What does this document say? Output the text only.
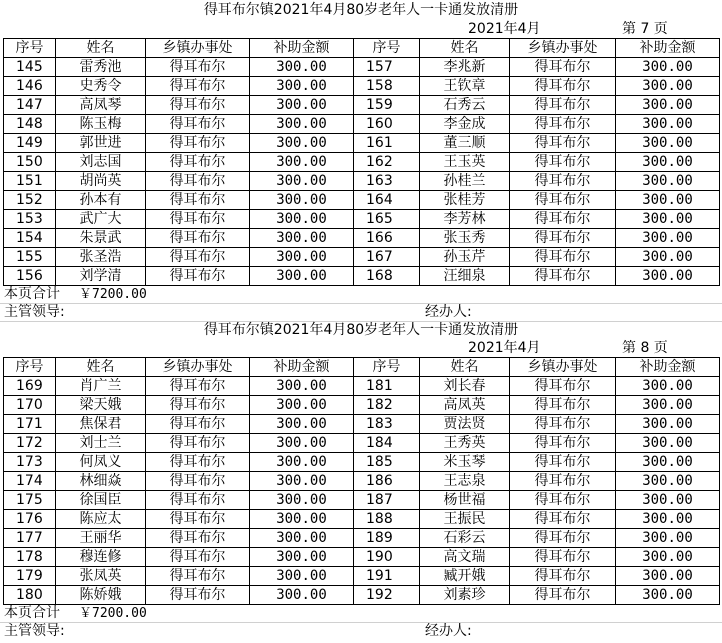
得耳布尔镇2021年4月80岁老年人一卡通发放清册
2021年4月	第 7 页
序号	姓名	乡镇办事处	补助金额	序号	姓名	乡镇办事处	补助金额
145	雷秀池	得耳布尔	300.00	157	李兆新	得耳布尔	300.00
146	史秀令	得耳布尔	300.00	158	王钦章	得耳布尔	300.00
147	高凤琴	得耳布尔	300.00	159	石秀云	得耳布尔	300.00
148	陈玉梅	得耳布尔	300.00	160	李金成	得耳布尔	300.00
149	郭世进	得耳布尔	300.00	161	董三顺	得耳布尔	300.00
150	刘志国	得耳布尔	300.00	162	王玉英	得耳布尔	300.00
151	胡尚英	得耳布尔	300.00	163	孙桂兰	得耳布尔	300.00
152	孙本有	得耳布尔	300.00	164	张桂芳	得耳布尔	300.00
153	武广大	得耳布尔	300.00	165	李芳林	得耳布尔	300.00
154	朱景武	得耳布尔	300.00	166	张玉秀	得耳布尔	300.00
155	张圣浩	得耳布尔	300.00	167	孙玉芹	得耳布尔	300.00
156	刘学清	得耳布尔	300.00	168	汪细泉	得耳布尔	300.00
本页合计 ￥7200.00
主管领导:	经办人:
得耳布尔镇2021年4月80岁老年人一卡通发放清册
2021年4月	第 8 页
序号	姓名	乡镇办事处	补助金额	序号	姓名	乡镇办事处	补助金额
169	肖广兰	得耳布尔	300.00	181	刘长春	得耳布尔	300.00
170	梁天娥	得耳布尔	300.00	182	高凤英	得耳布尔	300.00
171	焦保君	得耳布尔	300.00	183	贾法贤	得耳布尔	300.00
172	刘士兰	得耳布尔	300.00	184	王秀英	得耳布尔	300.00
173	何凤义	得耳布尔	300.00	185	米玉琴	得耳布尔	300.00
174	林细焱	得耳布尔	300.00	186	王志泉	得耳布尔	300.00
175	徐国臣	得耳布尔	300.00	187	杨世福	得耳布尔	300.00
176	陈应太	得耳布尔	300.00	188	王振民	得耳布尔	300.00
177	王丽华	得耳布尔	300.00	189	石彩云	得耳布尔	300.00
178	穆连修	得耳布尔	300.00	190	高文瑞	得耳布尔	300.00
179	张凤英	得耳布尔	300.00	191	臧开娥	得耳布尔	300.00
180	陈娇娥	得耳布尔	300.00	192	刘素珍	得耳布尔	300.00
本页合计 ￥7200.00
主管领导:	经办人:
